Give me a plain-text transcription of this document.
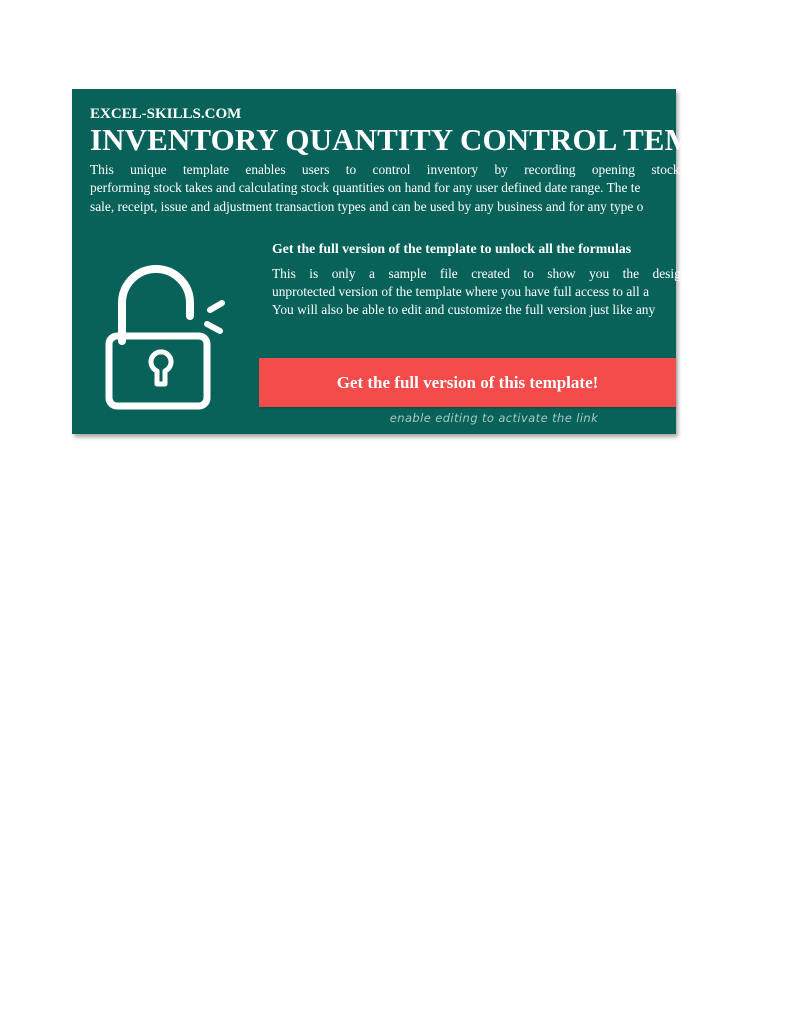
EXCEL-SKILLS.COM

INVENTORY QUANTITY CONTROL TEM

This unique template enables users to control inventory by recording opening stock quantities, capt
performing stock takes and calculating stock quantities on hand for any user defined date range. The te
sale, receipt, issue and adjustment transaction types and can be used by any business and for any type o

Get the full version of the template to unlock all the formulas

This is only a sample file created to show you the design of the
unprotected version of the template where you have full access to all a
You will also be able to edit and customize the full version just like any

Get the full version of this template!

enable editing to activate the link
